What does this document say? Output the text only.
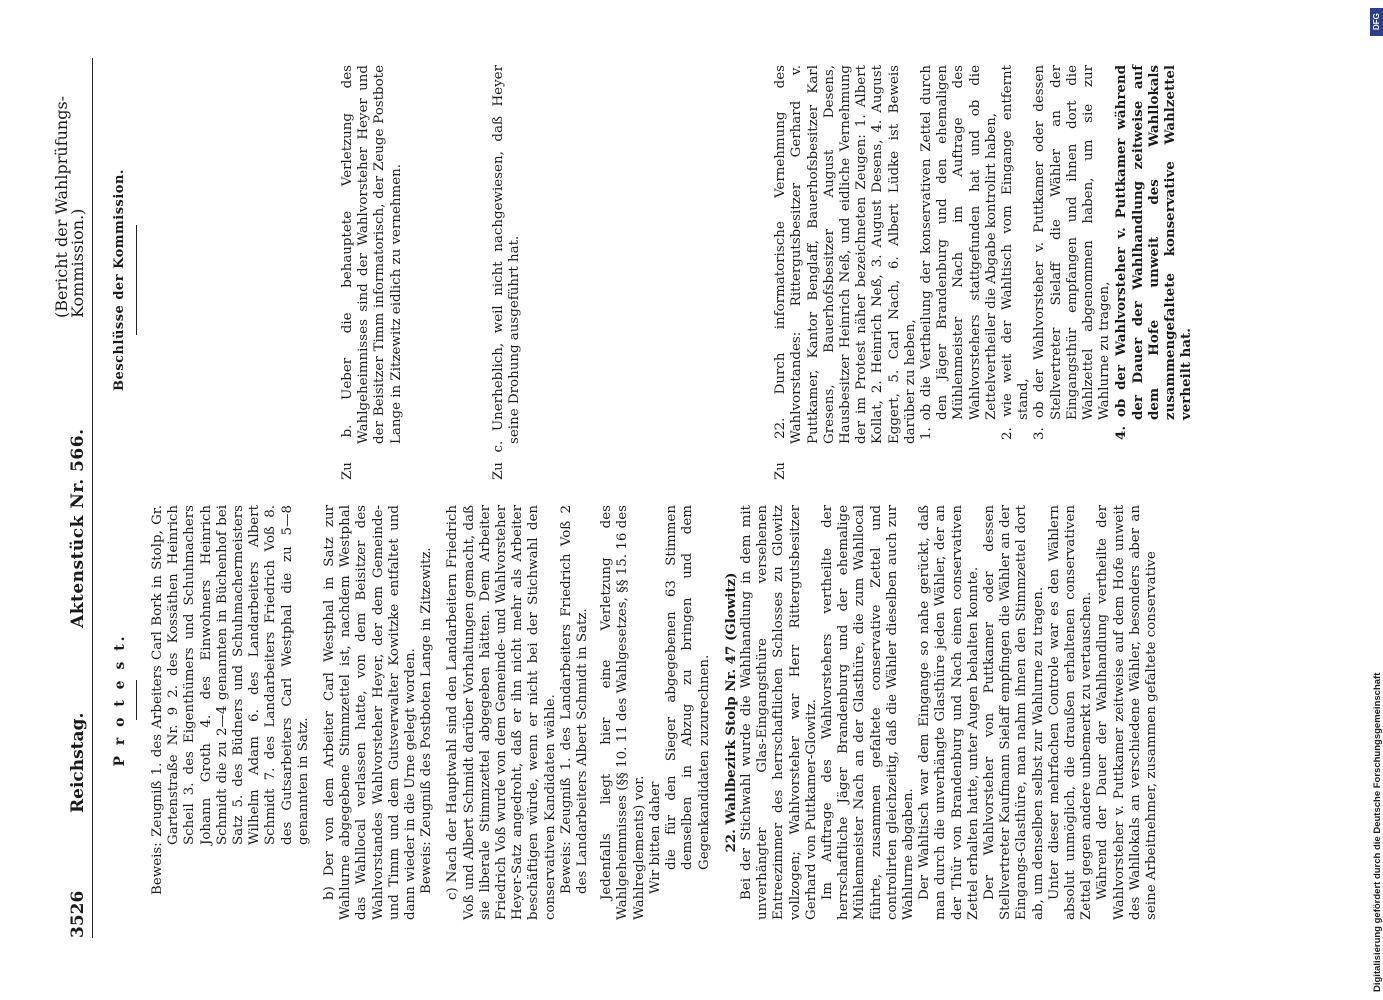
3526
Reichstag.
Aktenstück Nr. 566.
(Bericht der Wahlprüfungs-Kommission.)
P r o t e s t.	Beweis: Zeugniß 1. des Arbeiters Carl Bork in Stolp, Gr. Gartenstraße Nr. 9 2. des Kossäthen Heinrich Scheil 3. des Eigenthümers und Schuhmachers Johann Groth 4. des Einwohners Heinrich Schmidt die zu 2—4 genannten in Büchenhof bei Satz 5. des Büdners und Schuhmachermeisters Wilhelm Adam 6. des Landarbeiters Albert Schmidt 7. des Landarbeiters Friedrich Voß 8. des Gutsarbeiters Carl Westphal die zu 5—8 genannten in Satz. b) Der von dem Arbeiter Carl Westphal in Satz zur Wahlurne abgegebene Stimmzettel ist, nachdem Westphal das Wahllocal verlassen hatte, von dem Beisitzer des Wahlvorstandes Wahlvorsteher Heyer, der dem Gemeinde- und Timm und dem Gutsverwalter Kowitzke entfaltet und dann wieder in die Urne gelegt worden. Beweis: Zeugniß des Postboten Lange in Zitzewitz. c) Nach der Hauptwahl sind den Landarbeitern Friedrich Voß und Albert Schmidt darüber Vorhaltungen gemacht, daß sie liberale Stimmzettel abgegeben hätten. Dem Arbeiter Friedrich Voß wurde von dem Gemeinde- und Wahlvorsteher Heyer-Satz angedroht, daß er ihn nicht mehr als Arbeiter beschäftigen würde, wenn er nicht bei der Stichwahl den conservativen Kandidaten wähle. Beweis: Zeugniß 1. des Landarbeiters Friedrich Voß 2 des Landarbeiters Albert Schmidt in Satz. Jedenfalls liegt hier eine Verletzung des Wahlgeheimnisses (§§ 10. 11 des Wahlgesetzes, §§ 15. 16 des Wahlreglements) vor. Wir bitten daher die für den Sieger abgegebenen 63 Stimmen demselben in Abzug zu bringen und dem Gegenkandidaten zuzurechnen. 22. Wahlbezirk Stolp Nr. 47 (Glowitz) Bei der Stichwahl wurde die Wahlhandlung in dem mit unverhängter Glas-Eingangsthüre versehenen Entreezimmer des herrschaftlichen Schlosses zu Glowitz vollzogen; Wahlvorsteher war Herr Rittergutsbesitzer Gerhard von Puttkamer-Glowitz. Im Auftrage des Wahlvorstehers vertheilte der herrschaftliche Jäger Brandenburg und der ehemalige Mühlenmeister Nach an der Glasthüre, die zum Wahllocal führte, zusammen gefaltete conservative Zettel und controlirten gleichzeitig, daß die Wähler dieselben auch zur Wahlurne abgaben. Der Wahltisch war dem Eingange so nahe gerückt, daß man durch die unverhängte Glasthüre jeden Wähler, der an der Thür von Brandenburg und Nach einen conservativen Zettel erhalten hatte, unter Augen behalten konnte. Der Wahlvorsteher von Puttkamer oder dessen Stellvertreter Kaufmann Sielaff empfingen die Wähler an der Eingangs-Glasthüre, man nahm ihnen den Stimmzettel dort ab, um denselben selbst zur Wahlurne zu tragen. Unter dieser mehrfachen Controle war es den Wählern absolut unmöglich, die draußen erhaltenen conservativen Zettel gegen andere unbemerkt zu vertauschen. Während der Dauer der Wahlhandlung vertheilte der Wahlvorsteher v. Puttkamer zeitweise auf dem Hofe unweit des Wahllokals an verschiedene Wähler, besonders aber an seine Arbeitnehmer, zusammen gefaltete conservative

Beschlüsse der Kommission.	Zu b. Ueber die behauptete Verletzung des Wahlgeheimnisses sind der Wahlvorsteher Heyer und der Beisitzer Timm informatorisch, der Zeuge Postbote Lange in Zitzewitz eidlich zu vernehmen.	Zu c. Unerheblich, weil nicht nachgewiesen, daß Heyer seine Drohung ausgeführt hat.	Zu 22. Durch informatorische Vernehmung des Wahlvorstandes: Rittergutsbesitzer Gerhard v. Puttkamer, Kantor Benglaff, Bauerhofsbesitzer Karl Gresens, Bauerhofsbesitzer August Desens, Hausbesitzer Heinrich Neß, und eidliche Vernehmung der im Protest näher bezeichneten Zeugen: 1. Albert Kollat, 2. Heinrich Neß, 3. August Desens, 4. August Eggert, 5. Carl Nach, 6. Albert Lüdke ist Beweis darüber zu heben, 1. ob die Vertheilung der konservativen Zettel durch den Jäger Brandenburg und den ehemaligen Mühlenmeister Nach im Auftrage des Wahlvorstehers stattgefunden hat und ob die Zettelvertheiler die Abgabe kontrolirt haben, 2. wie weit der Wahltisch vom Eingange entfernt stand, 3. ob der Wahlvorsteher v. Puttkamer oder dessen Stellvertreter Sielaff die Wähler an der Eingangsthür empfangen und ihnen dort die Wahlzettel abgenommen haben, um sie zur Wahlurne zu tragen, 4. ob der Wahlvorsteher v. Puttkamer während der Dauer der Wahlhandlung zeitweise auf dem Hofe unweit des Wahllokals zusammengefaltete konservative Wahlzettel verheilt hat.

DFG
Digitalisierung gefördert durch die Deutsche Forschungsgemeinschaft
